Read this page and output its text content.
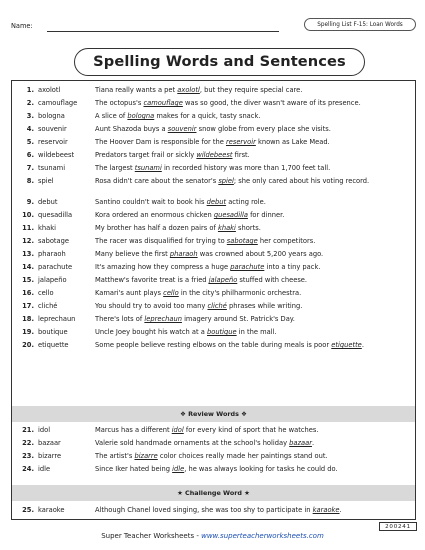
Name:	Spelling List F-15: Loan Words
Spelling Words and Sentences
1. axolotl	Tiana really wants a pet axolotl, but they require special care.
2. camouflage	The octopus's camouflage was so good, the diver wasn't aware of its presence.
3. bologna	A slice of bologna makes for a quick, tasty snack.
4. souvenir	Aunt Shazoda buys a souvenir snow globe from every place she visits.
5. reservoir	The Hoover Dam is responsible for the reservoir known as Lake Mead.
6. wildebeest	Predators target frail or sickly wildebeest first.
7. tsunami	The largest tsunami in recorded history was more than 1,700 feet tall.
8. spiel	Rosa didn't care about the senator's spiel; she only cared about his voting record.
9. debut	Santino couldn't wait to book his debut acting role.
10. quesadilla	Kora ordered an enormous chicken quesadilla for dinner.
11. khaki	My brother has half a dozen pairs of khaki shorts.
12. sabotage	The racer was disqualified for trying to sabotage her competitors.
13. pharaoh	Many believe the first pharaoh was crowned about 5,200 years ago.
14. parachute	It's amazing how they compress a huge parachute into a tiny pack.
15. jalapeño	Matthew's favorite treat is a fried jalapeño stuffed with cheese.
16. cello	Kamari's aunt plays cello in the city's philharmonic orchestra.
17. cliché	You should try to avoid too many cliché phrases while writing.
18. leprechaun	There's lots of leprechaun imagery around St. Patrick's Day.
19. boutique	Uncle Joey bought his watch at a boutique in the mall.
20. etiquette	Some people believe resting elbows on the table during meals is poor etiquette.
❖ Review Words ❖
21. idol	Marcus has a different idol for every kind of sport that he watches.
22. bazaar	Valerie sold handmade ornaments at the school's holiday bazaar.
23. bizarre	The artist's bizarre color choices really made her paintings stand out.
24. idle	Since Iker hated being idle, he was always looking for tasks he could do.
★ Challenge Word ★
25. karaoke	Although Chanel loved singing, she was too shy to participate in karaoke.
200241
Super Teacher Worksheets - www.superteacherworksheets.com
